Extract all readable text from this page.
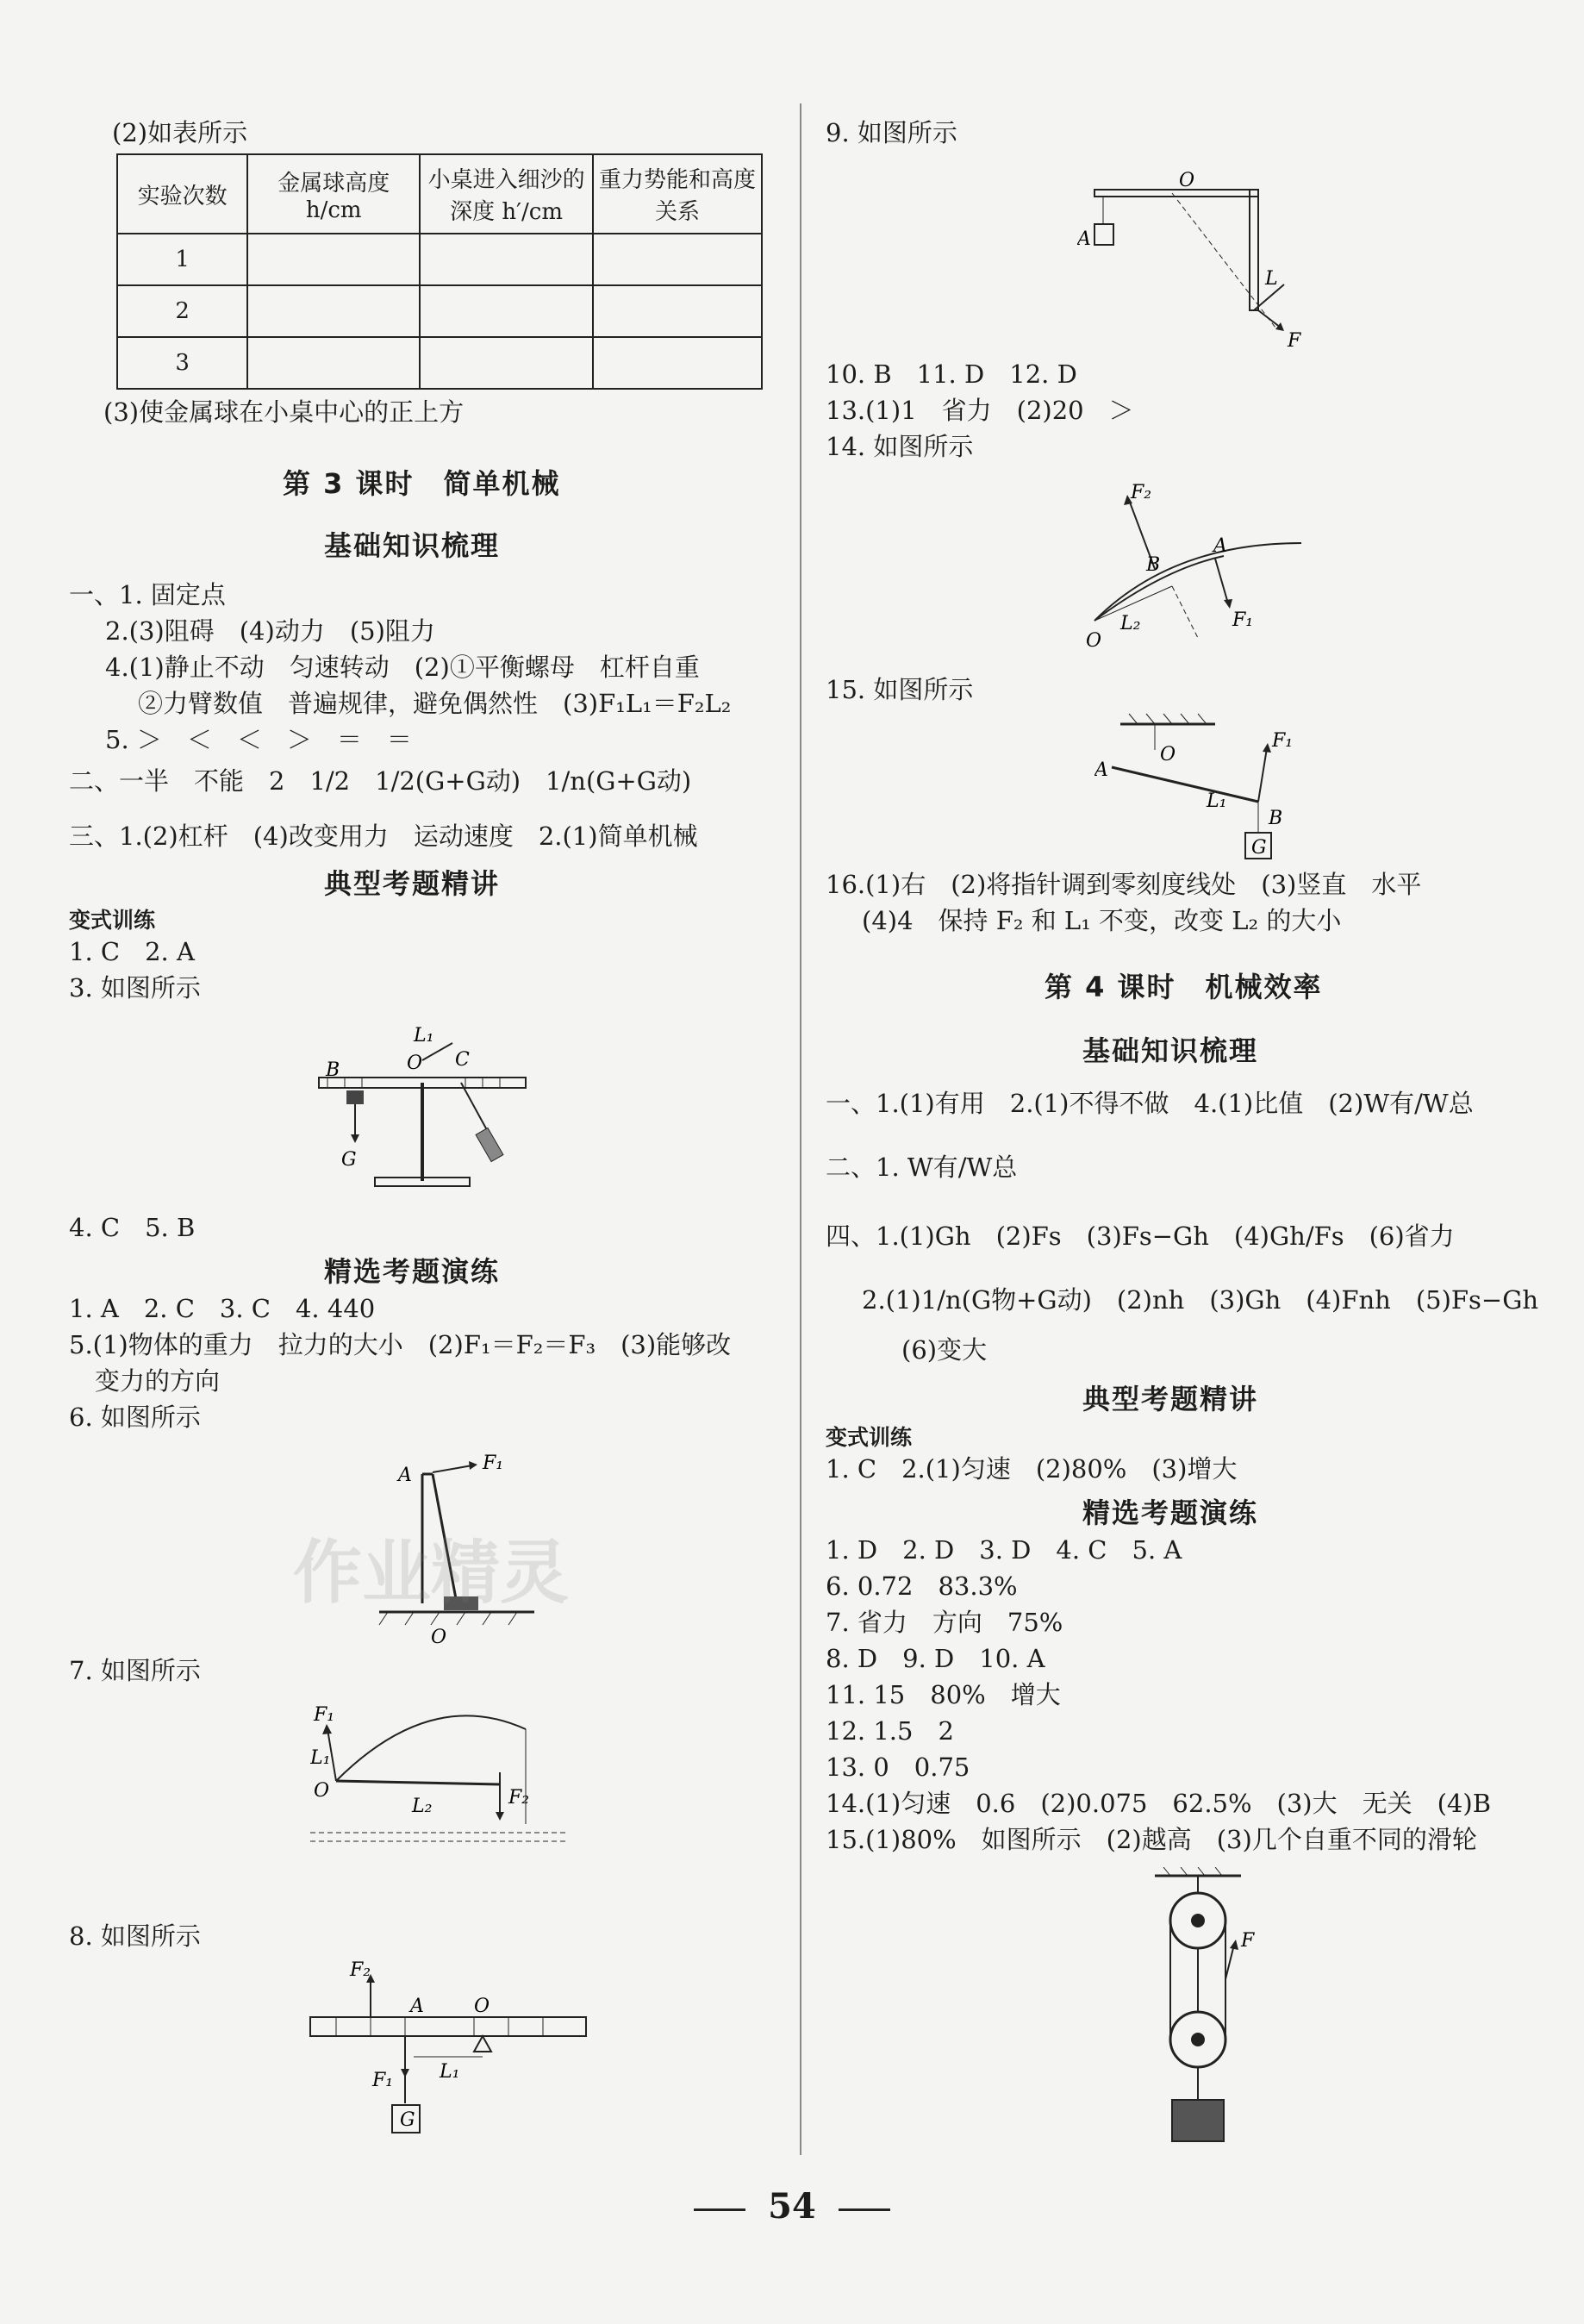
(2)如表所示
实验次数	金属球高度 h/cm	小桌进入细沙的深度 h′/cm	重力势能和高度关系
1			
2			
3			
(3)使金属球在小桌中心的正上方
第 3 课时　简单机械
基础知识梳理
一、1. 固定点
2.(3)阻碍　(4)动力　(5)阻力
4.(1)静止不动　匀速转动　(2)①平衡螺母　杠杆自重
②力臂数值　普遍规律，避免偶然性　(3)F₁L₁＝F₂L₂
5. ＞　＜　＜　＞　＝　＝
二、一半　不能　2　1/2　1/2(G+G动)　1/n(G+G动)
三、1.(2)杠杆　(4)改变用力　运动速度　2.(1)简单机械
典型考题精讲
变式训练
1. C　2. A
3. 如图所示
B
L₁
O C
G
4. C　5. B
精选考题演练
1. A　2. C　3. C　4. 440
5.(1)物体的重力　拉力的大小　(2)F₁＝F₂＝F₃　(3)能够改
变力的方向
6. 如图所示
A
F₁
O
7. 如图所示
F₁
L₁
O
L₂	F₂
8. 如图所示
F₂
A	O
L₁
F₁
G
9. 如图所示
O
A
L
F
10. B　11. D　12. D
13.(1)1　省力　(2)20　＞
14. 如图所示
F₂
B
A
L₂	F₁
O
15. 如图所示
A
O
F₁
L₁
B
G
16.(1)右　(2)将指针调到零刻度线处　(3)竖直　水平
(4)4　保持 F₂ 和 L₁ 不变，改变 L₂ 的大小
第 4 课时　机械效率
基础知识梳理
一、1.(1)有用　2.(1)不得不做　4.(1)比值　(2)W有/W总
二、1. W有/W总
四、1.(1)Gh　(2)Fs　(3)Fs−Gh　(4)Gh/Fs　(6)省力
2.(1)1/n(G物+G动)　(2)nh　(3)Gh　(4)Fnh　(5)Fs−Gh
(6)变大
典型考题精讲
变式训练
1. C　2.(1)匀速　(2)80%　(3)增大
精选考题演练
1. D　2. D　3. D　4. C　5. A
6. 0.72　83.3%
7. 省力　方向　75%
8. D　9. D　10. A
11. 15　80%　增大
12. 1.5　2
13. 0　0.75
14.(1)匀速　0.6　(2)0.075　62.5%　(3)大　无关　(4)B
15.(1)80%　如图所示　(2)越高　(3)几个自重不同的滑轮
F
作业精灵
54
